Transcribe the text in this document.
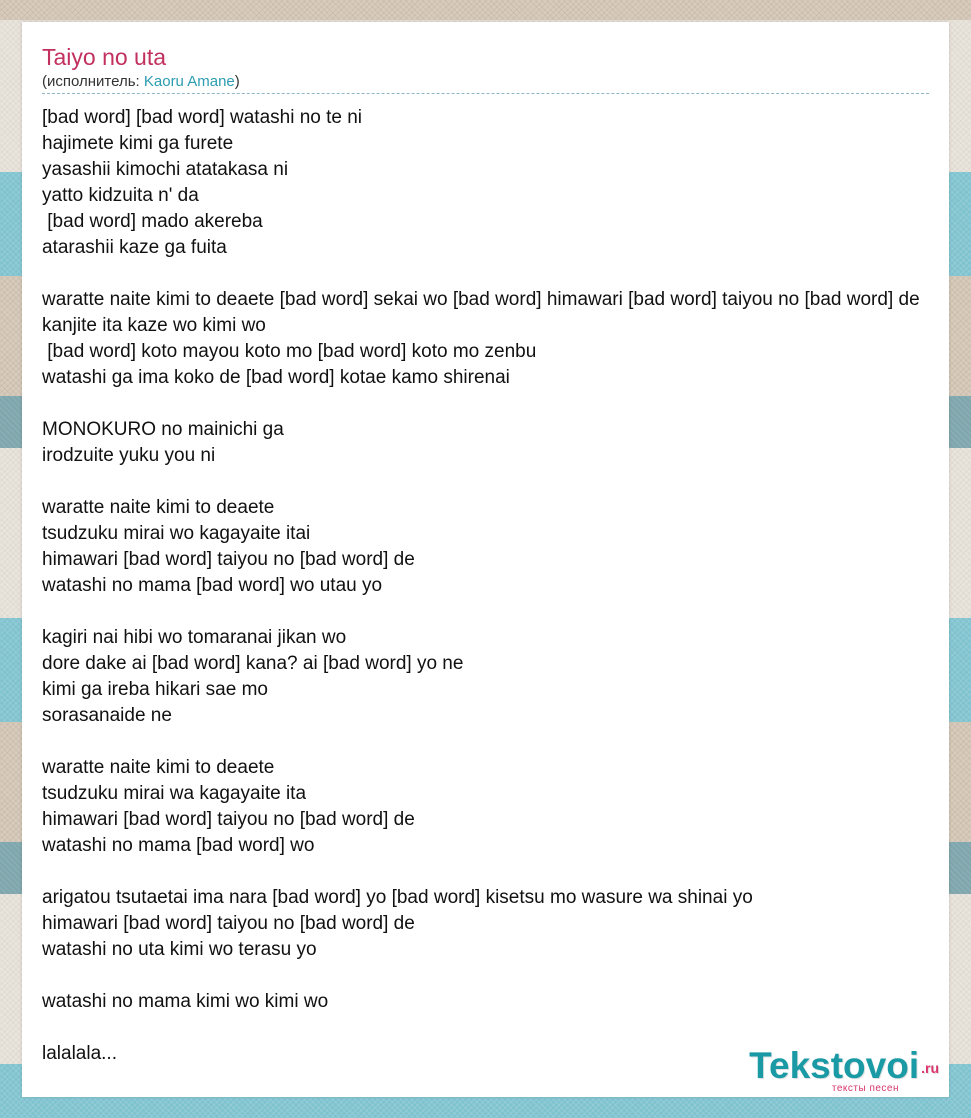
Taiyo no uta
(исполнитель: Kaoru Amane)
[bad word] [bad word] watashi no te ni
hajimete kimi ga furete
yasashii kimochi atatakasa ni
yatto kidzuita n' da
[bad word] mado akereba
atarashii kaze ga fuita

waratte naite kimi to deaete [bad word] sekai wo [bad word] himawari [bad word] taiyou no [bad word] de
kanjite ita kaze wo kimi wo
[bad word] koto mayou koto mo [bad word] koto mo zenbu
watashi ga ima koko de [bad word] kotae kamo shirenai

MONOKURO no mainichi ga
irodzuite yuku you ni

waratte naite kimi to deaete
tsudzuku mirai wo kagayaite itai
himawari [bad word] taiyou no [bad word] de
watashi no mama [bad word] wo utau yo

kagiri nai hibi wo tomaranai jikan wo
dore dake ai [bad word] kana? ai [bad word] yo ne
kimi ga ireba hikari sae mo
sorasanaide ne

waratte naite kimi to deaete
tsudzuku mirai wa kagayaite ita
himawari [bad word] taiyou no [bad word] de
watashi no mama [bad word] wo

arigatou tsutaetai ima nara [bad word] yo [bad word] kisetsu mo wasure wa shinai yo
himawari [bad word] taiyou no [bad word] de
watashi no uta kimi wo terasu yo

watashi no mama kimi wo kimi wo

lalalala...	Tekstovoi .ru
тексты песен
